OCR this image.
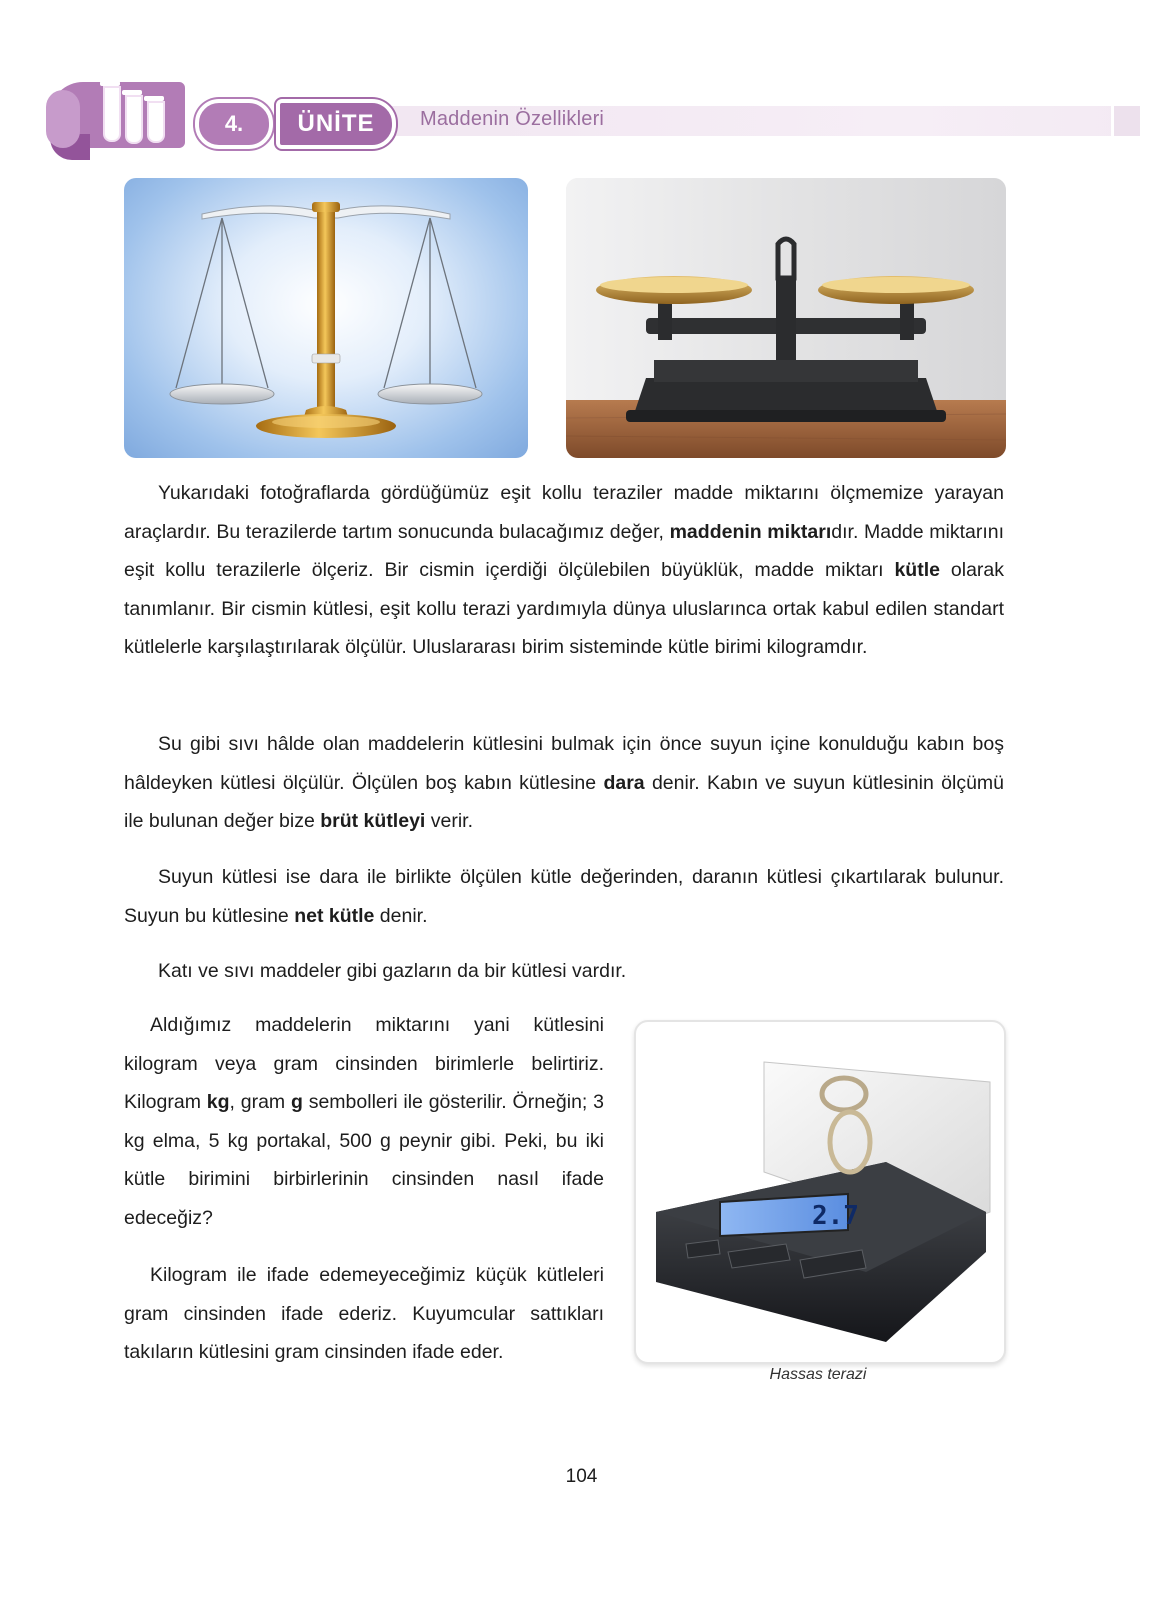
Maddenin Özellikleri
4.	ÜNİTE

Yukarıdaki fotoğraflarda gördüğümüz eşit kollu teraziler madde miktarını ölçmemize yarayan araçlardır. Bu terazilerde tartım sonucunda bulacağımız değer, maddenin miktarıdır. Madde miktarını eşit kollu terazilerle ölçeriz. Bir cismin içerdiği ölçülebilen büyüklük, madde miktarı kütle olarak tanımlanır. Bir cismin kütlesi, eşit kollu terazi yardımıyla dünya uluslarınca ortak kabul edilen standart kütlelerle karşılaştırılarak ölçülür. Uluslararası birim sisteminde kütle birimi kilogramdır.

Su gibi sıvı hâlde olan maddelerin kütlesini bulmak için önce suyun içine konulduğu kabın boş hâldeyken kütlesi ölçülür. Ölçülen boş kabın kütlesine dara denir. Kabın ve suyun kütlesinin ölçümü ile bulunan değer bize brüt kütleyi verir.

Suyun kütlesi ise dara ile birlikte ölçülen kütle değerinden, daranın kütlesi çıkartılarak bulunur. Suyun bu kütlesine net kütle denir.

Katı ve sıvı maddeler gibi gazların da bir kütlesi vardır.

Aldığımız maddelerin miktarını yani kütlesini kilogram veya gram cinsinden birimlerle belirtiriz. Kilogram kg, gram g sembolleri ile gösterilir. Örneğin; 3 kg elma, 5 kg portakal, 500 g peynir gibi. Peki, bu iki kütle birimini birbirlerinin cinsinden nasıl ifade edeceğiz?

Kilogram ile ifade edemeyeceğimiz küçük kütleleri gram cinsinden ifade ederiz. Kuyumcular sattıkları takıların kütlesini gram cinsinden ifade eder.

2.7
Hassas terazi
104
